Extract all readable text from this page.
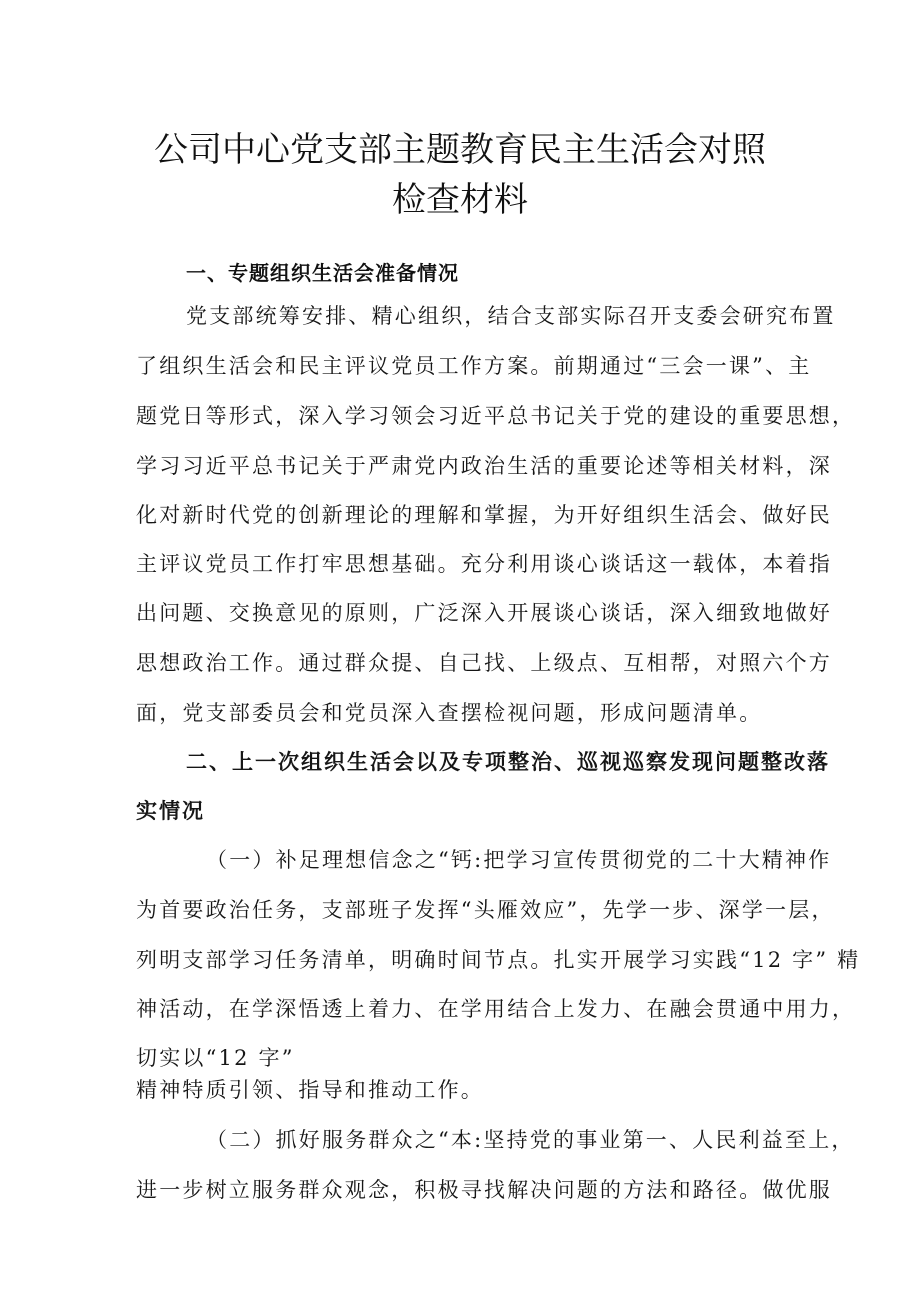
公司中心党支部主题教育民主生活会对照
检查材料
一、专题组织生活会准备情况
党支部统筹安排、精心组织，结合支部实际召开支委会研究布置
了组织生活会和民主评议党员工作方案。前期通过“三会一课”、主
题党日等形式，深入学习领会习近平总书记关于党的建设的重要思想，
学习习近平总书记关于严肃党内政治生活的重要论述等相关材料，深
化对新时代党的创新理论的理解和掌握，为开好组织生活会、做好民
主评议党员工作打牢思想基础。充分利用谈心谈话这一载体，本着指
出问题、交换意见的原则，广泛深入开展谈心谈话，深入细致地做好
思想政治工作。通过群众提、自己找、上级点、互相帮，对照六个方
面，党支部委员会和党员深入查摆检视问题，形成问题清单。
二、上一次组织生活会以及专项整治、巡视巡察发现问题整改落
实情况
（一）补足理想信念之“钙:把学习宣传贯彻党的二十大精神作
为首要政治任务，支部班子发挥“头雁效应”，先学一步、深学一层，
列明支部学习任务清单，明确时间节点。扎实开展学习实践“12 字” 精
神活动，在学深悟透上着力、在学用结合上发力、在融会贯通中用力，
切实以“12 字”
精神特质引领、指导和推动工作。
（二）抓好服务群众之“本:坚持党的事业第一、人民利益至上，
进一步树立服务群众观念，积极寻找解决问题的方法和路径。做优服
